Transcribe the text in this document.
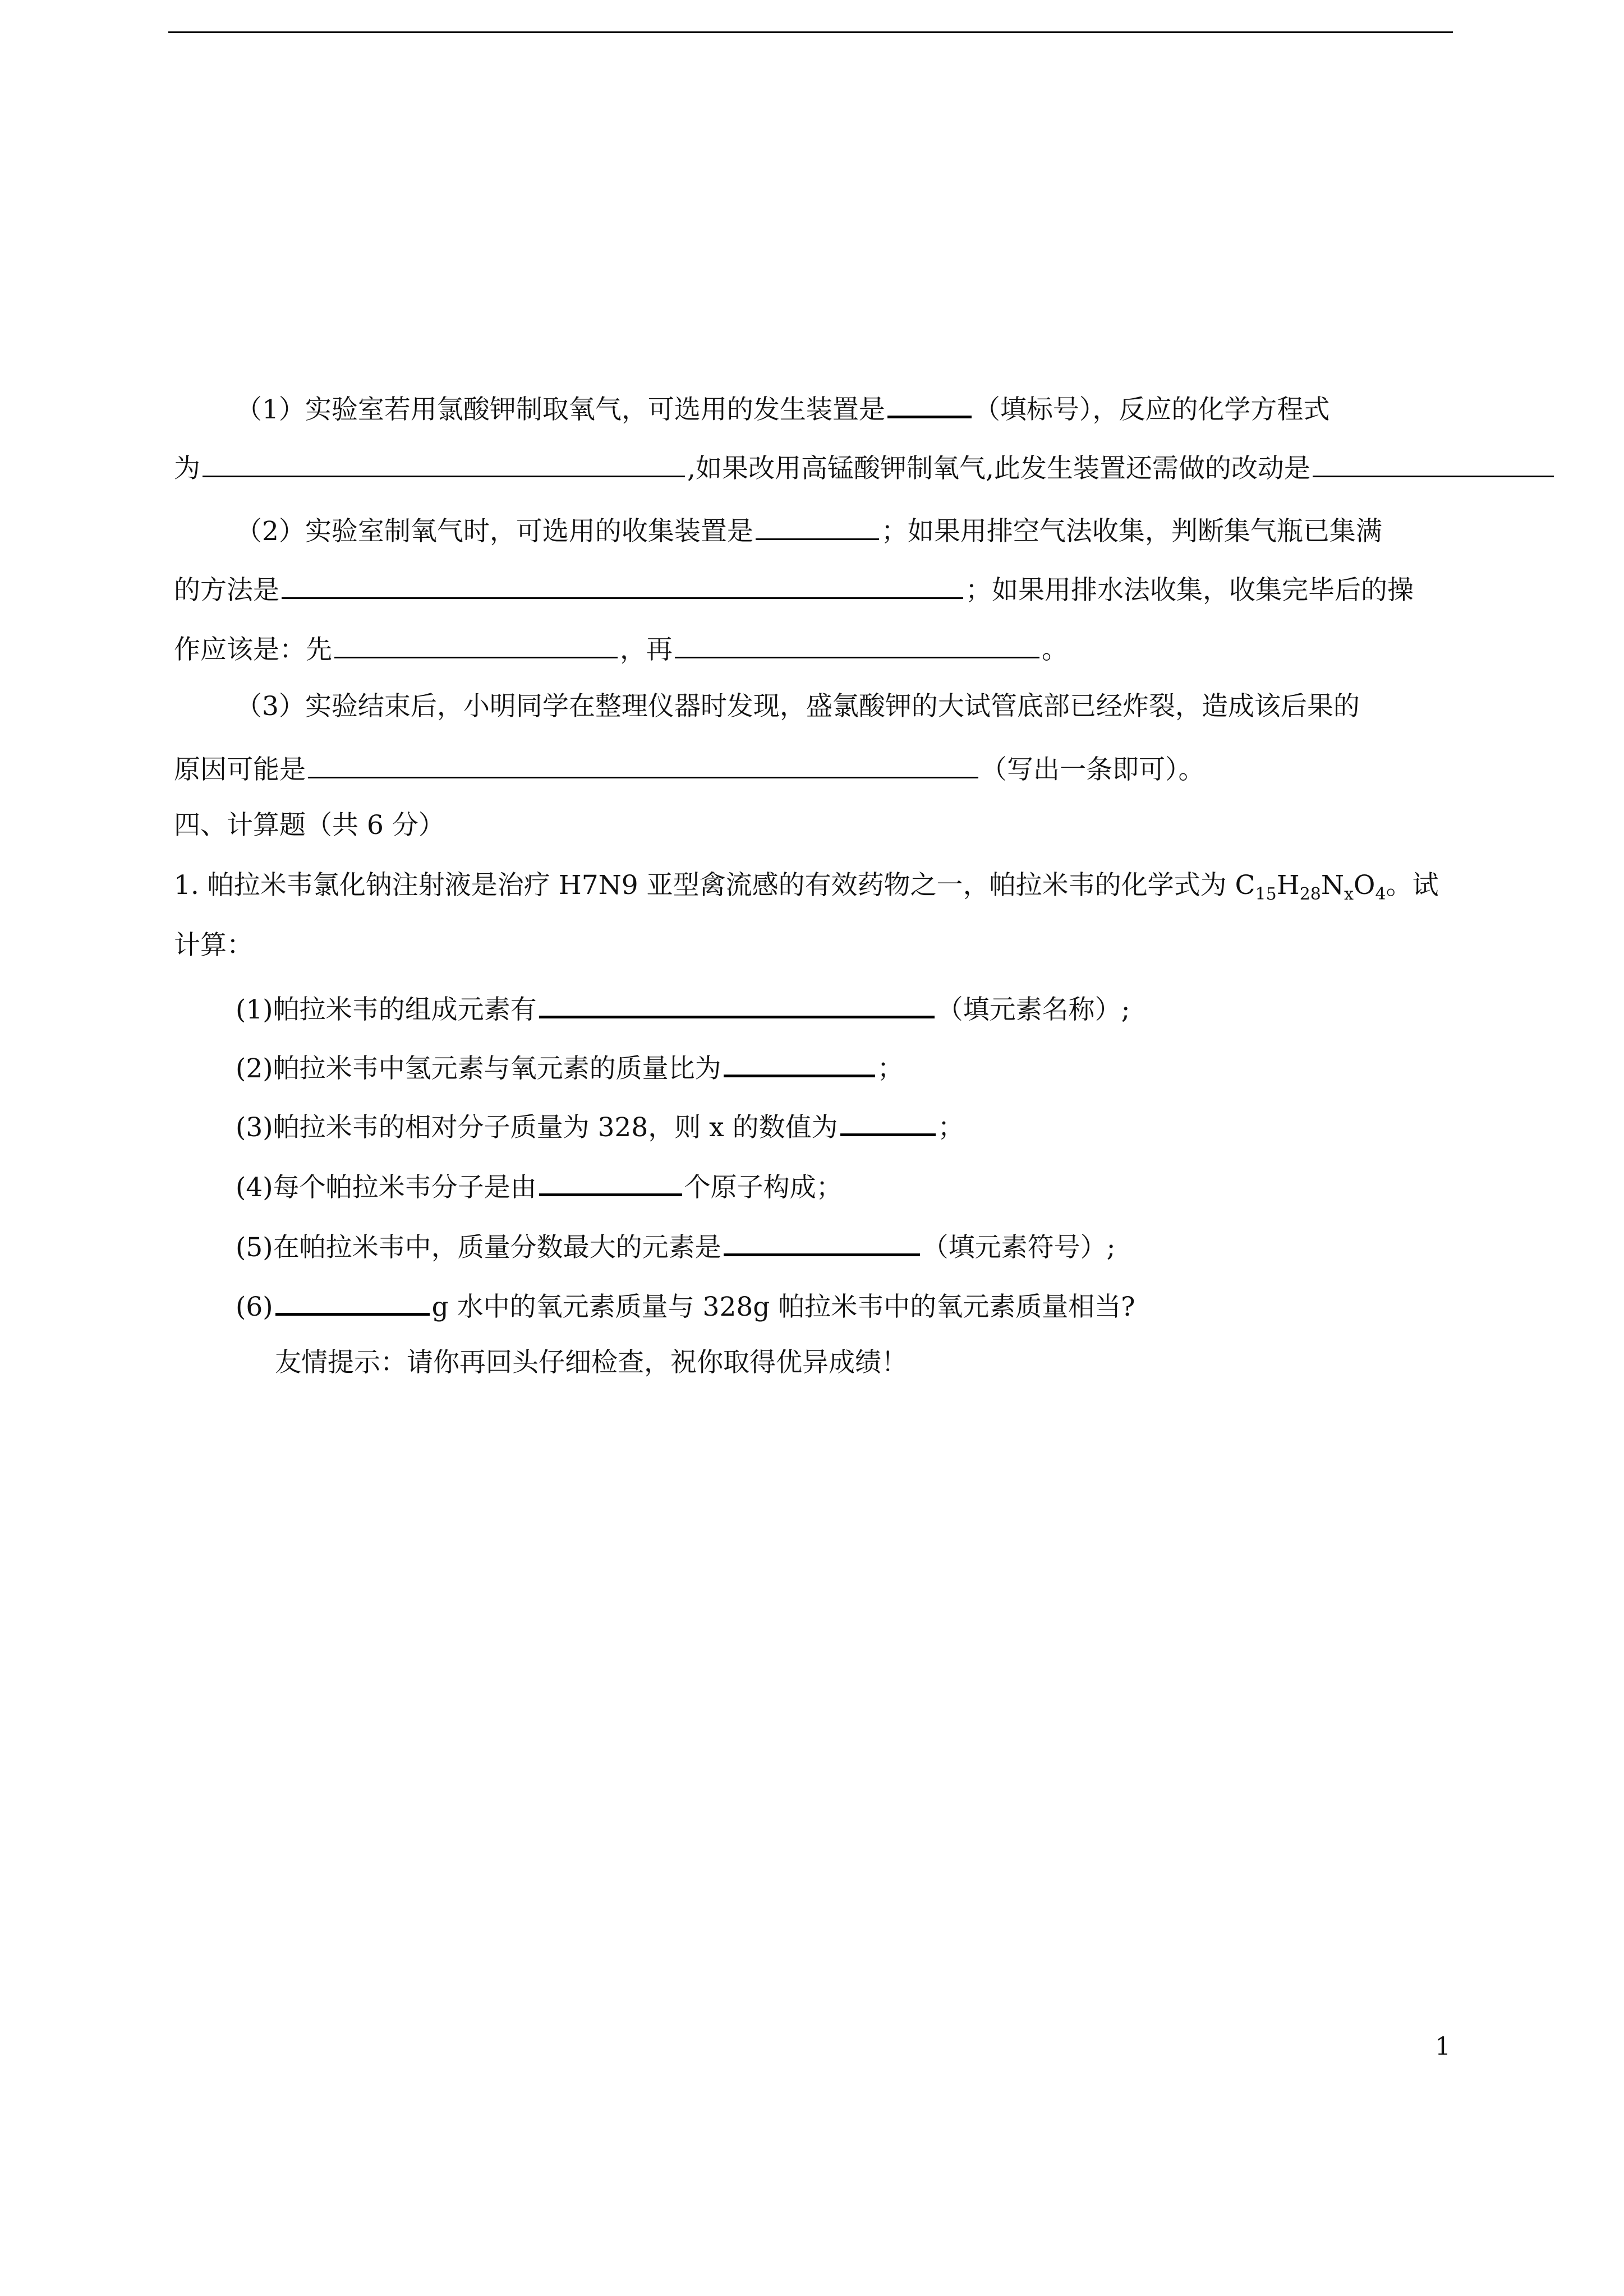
（1）实验室若用氯酸钾制取氧气，可选用的发生装置是	（填标号），反应的化学方程式
为	,如果改用高锰酸钾制氧气,此发生装置还需做的改动是
（2）实验室制氧气时，可选用的收集装置是	；如果用排空气法收集，判断集气瓶已集满
的方法是	；如果用排水法收集，收集完毕后的操
作应该是：先	，再	。
（3）实验结束后，小明同学在整理仪器时发现，盛氯酸钾的大试管底部已经炸裂，造成该后果的
原因可能是	（写出一条即可）。
四、计算题（共 6 分）
1. 帕拉米韦氯化钠注射液是治疗 H7N9 亚型禽流感的有效药物之一，帕拉米韦的化学式为 $C_{15}H_{28}N_xO_4$。试
计算：
(1)帕拉米韦的组成元素有	（填元素名称）;
(2)帕拉米韦中氢元素与氧元素的质量比为	；
(3)帕拉米韦的相对分子质量为 328，则 x 的数值为	；
(4)每个帕拉米韦分子是由	个原子构成；
(5)在帕拉米韦中，质量分数最大的元素是	（填元素符号）;
(6)	g 水中的氧元素质量与 328g 帕拉米韦中的氧元素质量相当?
友情提示：请你再回头仔细检查，祝你取得优异成绩！
1
